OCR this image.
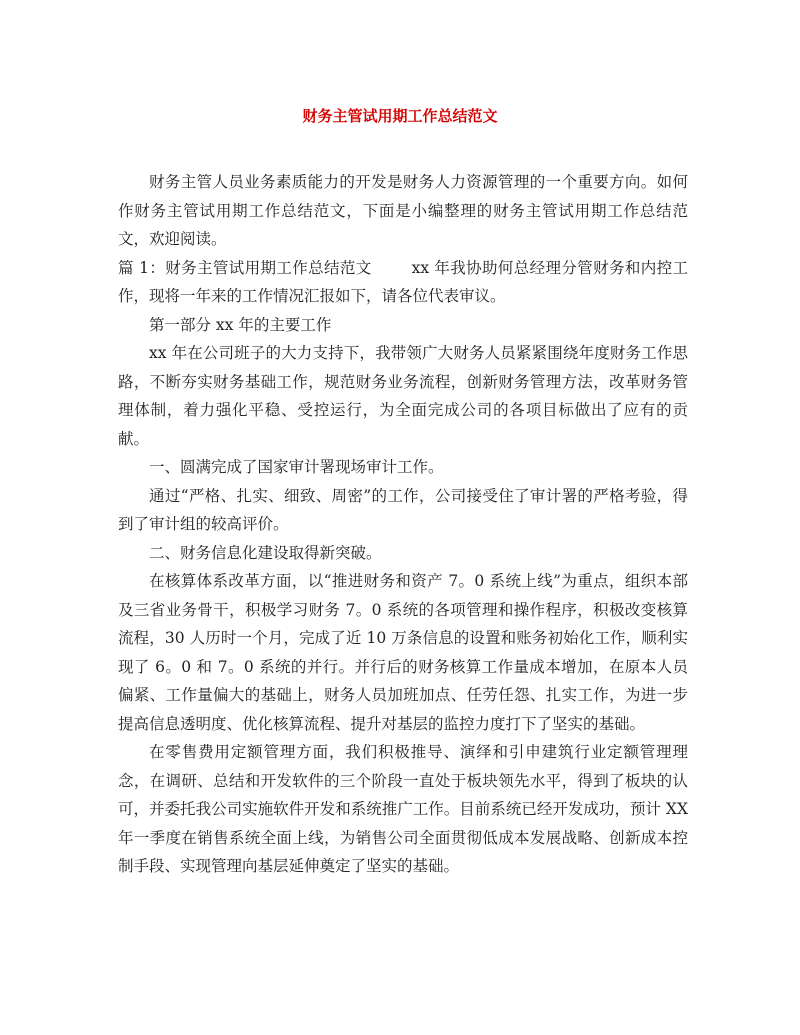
财务主管试用期工作总结范文

财务主管人员业务素质能力的开发是财务人力资源管理的一个重要方向。如何作财务主管试用期工作总结范文，下面是小编整理的财务主管试用期工作总结范文，欢迎阅读。

篇 1：财务主管试用期工作总结范文	xx 年我协助何总经理分管财务和内控工作，现将一年来的工作情况汇报如下，请各位代表审议。

第一部分 xx 年的主要工作

xx 年在公司班子的大力支持下，我带领广大财务人员紧紧围绕年度财务工作思路，不断夯实财务基础工作，规范财务业务流程，创新财务管理方法，改革财务管理体制，着力强化平稳、受控运行，为全面完成公司的各项目标做出了应有的贡献。

一、圆满完成了国家审计署现场审计工作。

通过“严格、扎实、细致、周密”的工作，公司接受住了审计署的严格考验，得到了审计组的较高评价。

二、财务信息化建设取得新突破。

在核算体系改革方面，以“推进财务和资产 7。0 系统上线”为重点，组织本部及三省业务骨干，积极学习财务 7。0 系统的各项管理和操作程序，积极改变核算流程，30 人历时一个月，完成了近 10 万条信息的设置和账务初始化工作，顺利实现了 6。0 和 7。0 系统的并行。并行后的财务核算工作量成本增加，在原本人员偏紧、工作量偏大的基础上，财务人员加班加点、任劳任怨、扎实工作，为进一步提高信息透明度、优化核算流程、提升对基层的监控力度打下了坚实的基础。

在零售费用定额管理方面，我们积极推导、演绎和引申建筑行业定额管理理念，在调研、总结和开发软件的三个阶段一直处于板块领先水平，得到了板块的认可，并委托我公司实施软件开发和系统推广工作。目前系统已经开发成功，预计 XX 年一季度在销售系统全面上线，为销售公司全面贯彻低成本发展战略、创新成本控制手段、实现管理向基层延伸奠定了坚实的基础。
